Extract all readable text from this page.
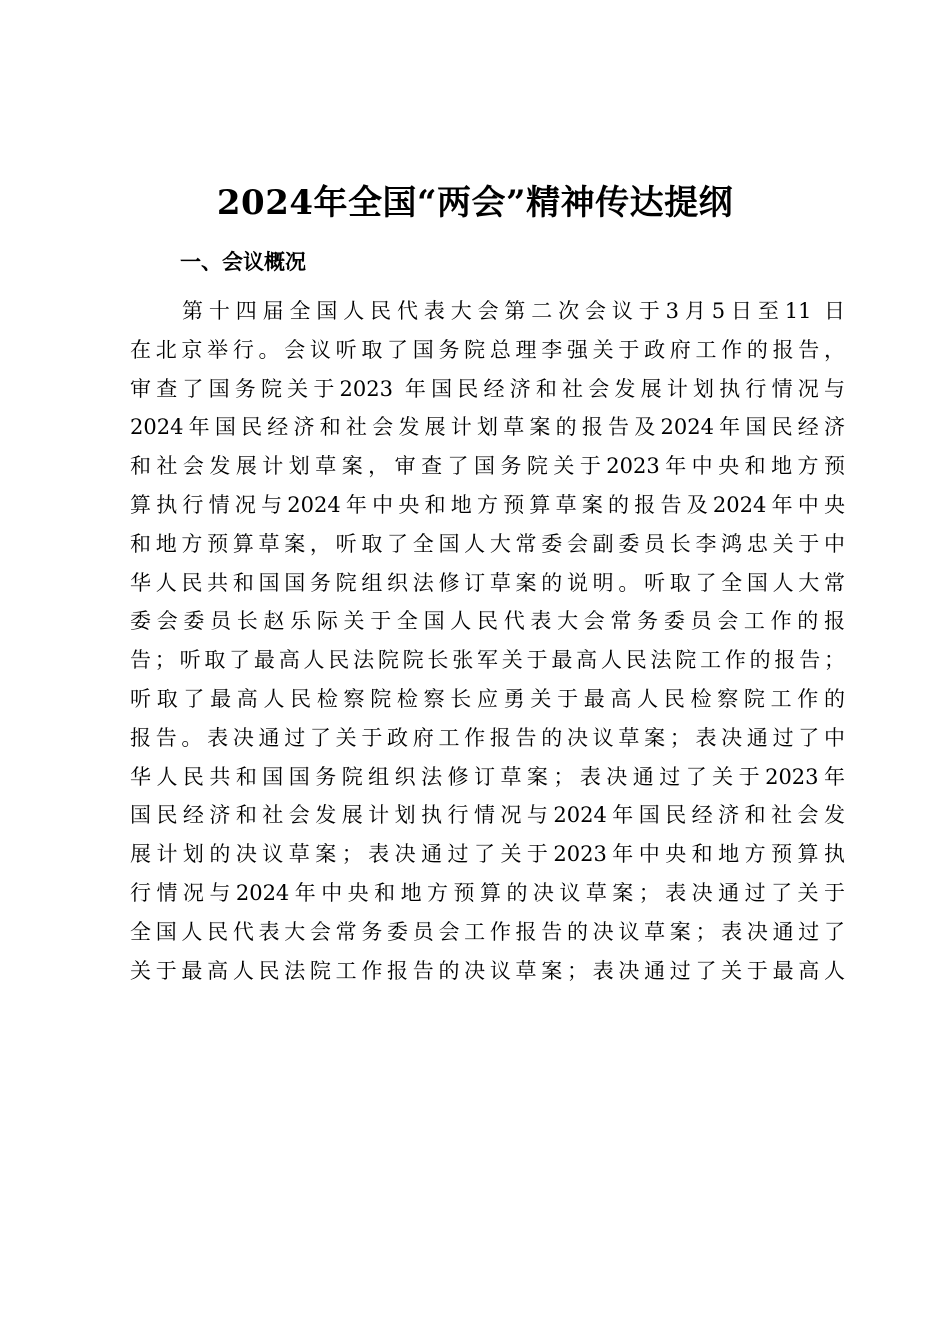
2024年全国“两会”精神传达提纲
一、会议概况
第十四届全国人民代表大会第二次会议于3月5日至11 日
在北京举行。会议听取了国务院总理李强关于政府工作的报告，
审查了国务院关于2023 年国民经济和社会发展计划执行情况与
2024年国民经济和社会发展计划草案的报告及2024年国民经济
和社会发展计划草案，审查了国务院关于2023年中央和地方预
算执行情况与2024年中央和地方预算草案的报告及2024年中央
和地方预算草案，听取了全国人大常委会副委员长李鸿忠关于中
华人民共和国国务院组织法修订草案的说明。听取了全国人大常
委会委员长赵乐际关于全国人民代表大会常务委员会工作的报
告；听取了最高人民法院院长张军关于最高人民法院工作的报告；
听取了最高人民检察院检察长应勇关于最高人民检察院工作的
报告。表决通过了关于政府工作报告的决议草案；表决通过了中
华人民共和国国务院组织法修订草案；表决通过了关于2023年
国民经济和社会发展计划执行情况与2024年国民经济和社会发
展计划的决议草案；表决通过了关于2023年中央和地方预算执
行情况与2024年中央和地方预算的决议草案；表决通过了关于
全国人民代表大会常务委员会工作报告的决议草案；表决通过了
关于最高人民法院工作报告的决议草案；表决通过了关于最高人
